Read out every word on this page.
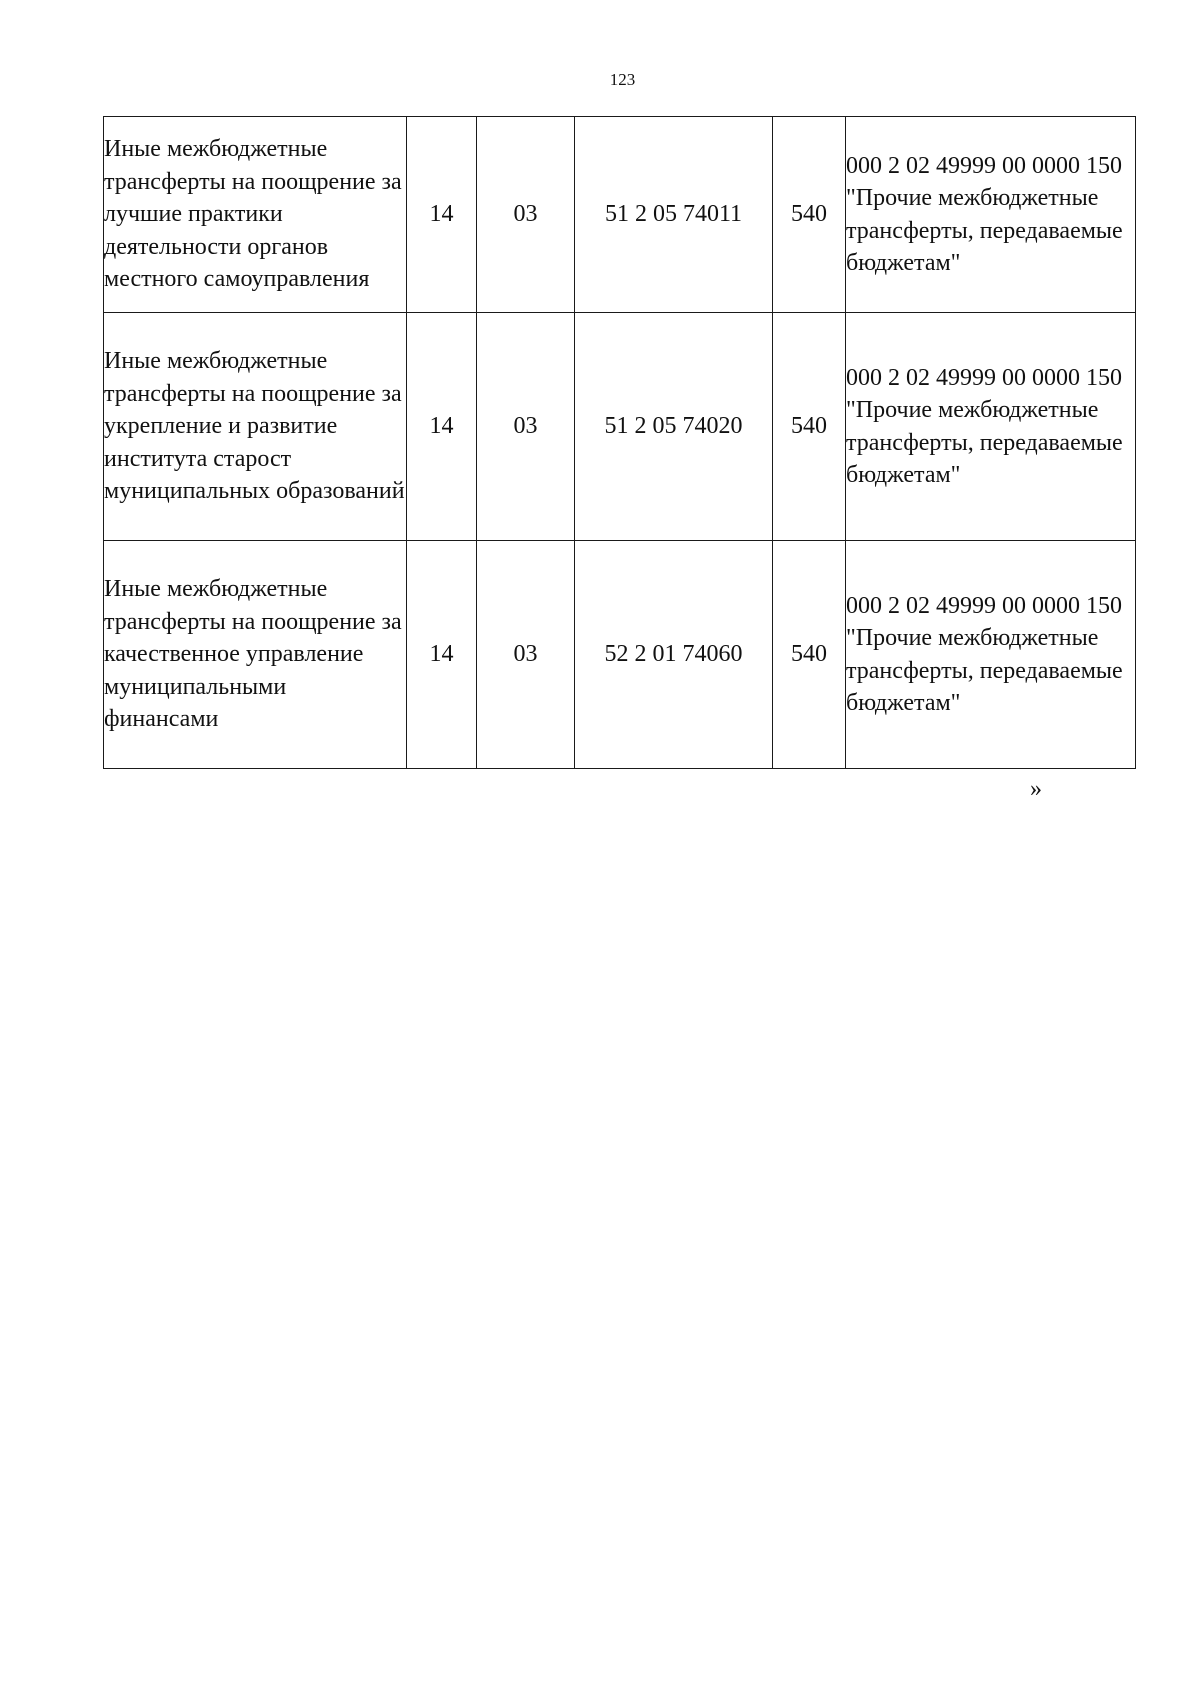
123
Иные межбюджетные трансферты на поощрение за лучшие практики деятельности органов местного самоуправления	14	03	51 2 05 74011	540	000 2 02 49999 00 0000 150 "Прочие межбюджетные трансферты, передаваемые бюджетам"
Иные межбюджетные трансферты на поощрение за укрепление и развитие института старост муниципальных образований	14	03	51 2 05 74020	540	000 2 02 49999 00 0000 150 "Прочие межбюджетные трансферты, передаваемые бюджетам"
Иные межбюджетные трансферты на поощрение за качественное управление муниципальными финансами	14	03	52 2 01 74060	540	000 2 02 49999 00 0000 150 "Прочие межбюджетные трансферты, передаваемые бюджетам"
»
